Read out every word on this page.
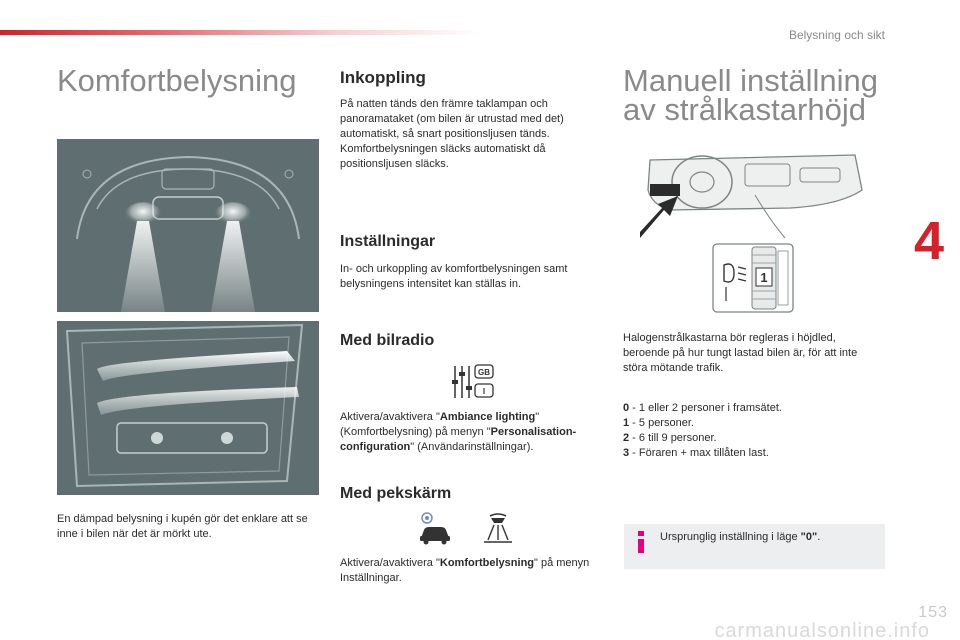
Belysning och sikt
4
Komfortbelysning
En dämpad belysning i kupén gör det enklare att se inne i bilen när det är mörkt ute.
Inkoppling
På natten tänds den främre taklampan och panoramataket (om bilen är utrustad med det) automatiskt, så snart positionsljusen tänds. Komfortbelysningen släcks automatiskt då positionsljusen släcks.
Inställningar
In- och urkoppling av komfortbelysningen samt belysningens intensitet kan ställas in.
Med bilradio
GB
I
Aktivera/avaktivera "Ambiance lighting" (Komfortbelysning) på menyn "Personalisation-configuration" (Användarinställningar).
Med pekskärm
Aktivera/avaktivera "Komfortbelysning" på menyn Inställningar.
Manuell inställning
av strålkastarhöjd
1
Halogenstrålkastarna bör regleras i höjdled, beroende på hur tungt lastad bilen är, för att inte störa mötande trafik.
0 - 1 eller 2 personer i framsätet.
1 - 5 personer.
2 - 6 till 9 personer.
3 - Föraren + max tillåten last.
Ursprunglig inställning i läge "0".
153
carmanualsonline.info
